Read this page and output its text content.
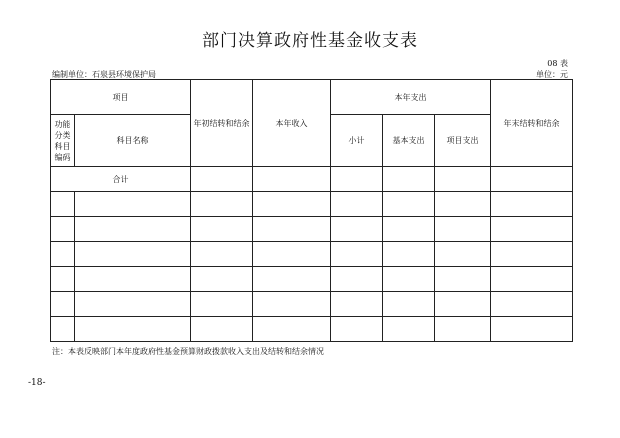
部门决算政府性基金收支表
08 表
编制单位：石泉县环境保护局	单位：元
项目		年初结转和结余	本年收入	本年支出			年末结转和结余
功能分类科目编码	科目名称			小计	基本支出	项目支出	
合计							

注：本表反映部门本年度政府性基金预算财政拨款收入支出及结转和结余情况
-18-
